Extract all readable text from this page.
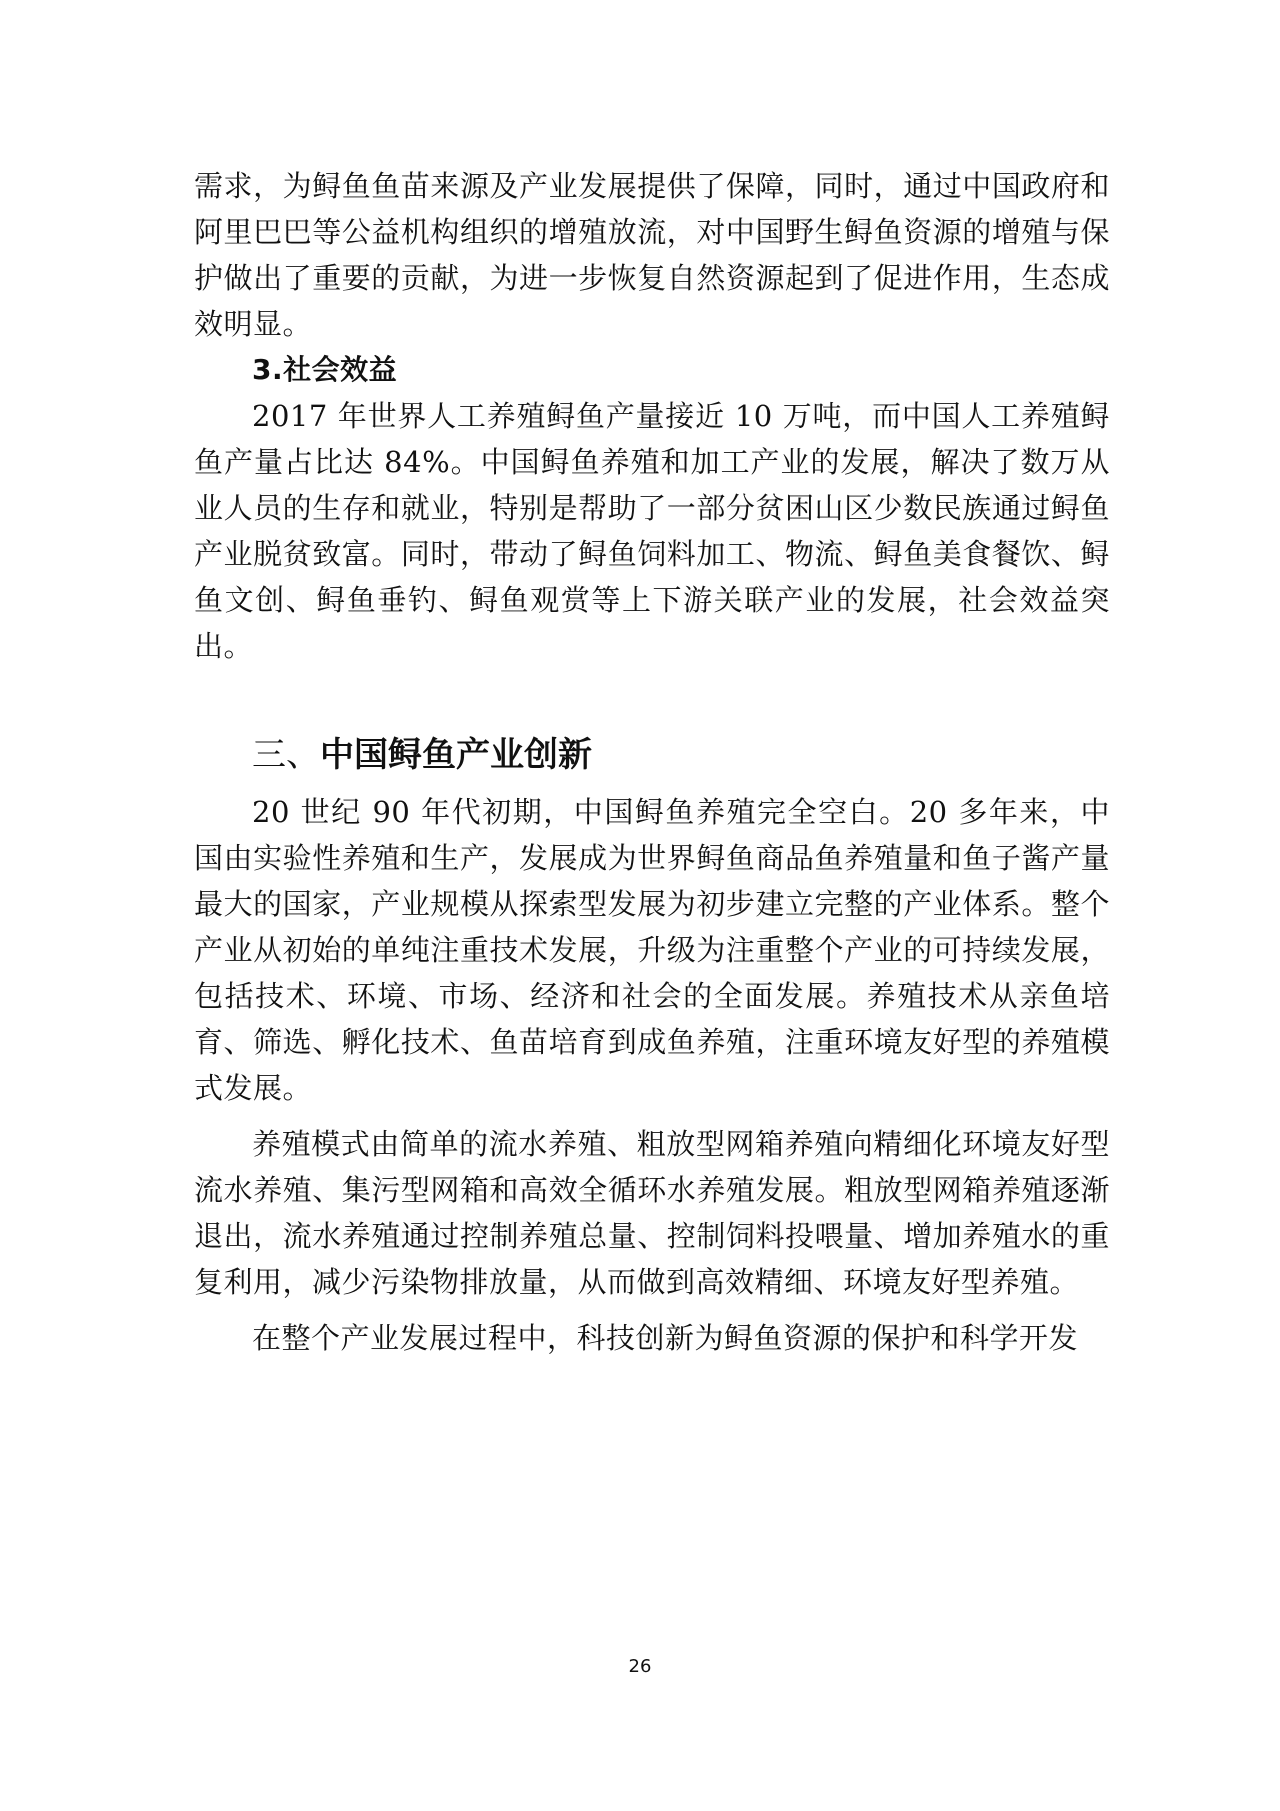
需求，为鲟鱼鱼苗来源及产业发展提供了保障，同时，通过中国政府和阿里巴巴等公益机构组织的增殖放流，对中国野生鲟鱼资源的增殖与保护做出了重要的贡献，为进一步恢复自然资源起到了促进作用，生态成效明显。

3.社会效益

2017 年世界人工养殖鲟鱼产量接近 10 万吨，而中国人工养殖鲟鱼产量占比达 84%。中国鲟鱼养殖和加工产业的发展，解决了数万从业人员的生存和就业，特别是帮助了一部分贫困山区少数民族通过鲟鱼产业脱贫致富。同时，带动了鲟鱼饲料加工、物流、鲟鱼美食餐饮、鲟鱼文创、鲟鱼垂钓、鲟鱼观赏等上下游关联产业的发展，社会效益突出。

三、中国鲟鱼产业创新

20 世纪 90 年代初期，中国鲟鱼养殖完全空白。20 多年来，中国由实验性养殖和生产，发展成为世界鲟鱼商品鱼养殖量和鱼子酱产量最大的国家，产业规模从探索型发展为初步建立完整的产业体系。整个产业从初始的单纯注重技术发展，升级为注重整个产业的可持续发展，包括技术、环境、市场、经济和社会的全面发展。养殖技术从亲鱼培育、筛选、孵化技术、鱼苗培育到成鱼养殖，注重环境友好型的养殖模式发展。

养殖模式由简单的流水养殖、粗放型网箱养殖向精细化环境友好型流水养殖、集污型网箱和高效全循环水养殖发展。粗放型网箱养殖逐渐退出，流水养殖通过控制养殖总量、控制饲料投喂量、增加养殖水的重复利用，减少污染物排放量，从而做到高效精细、环境友好型养殖。

在整个产业发展过程中，科技创新为鲟鱼资源的保护和科学开发

26
